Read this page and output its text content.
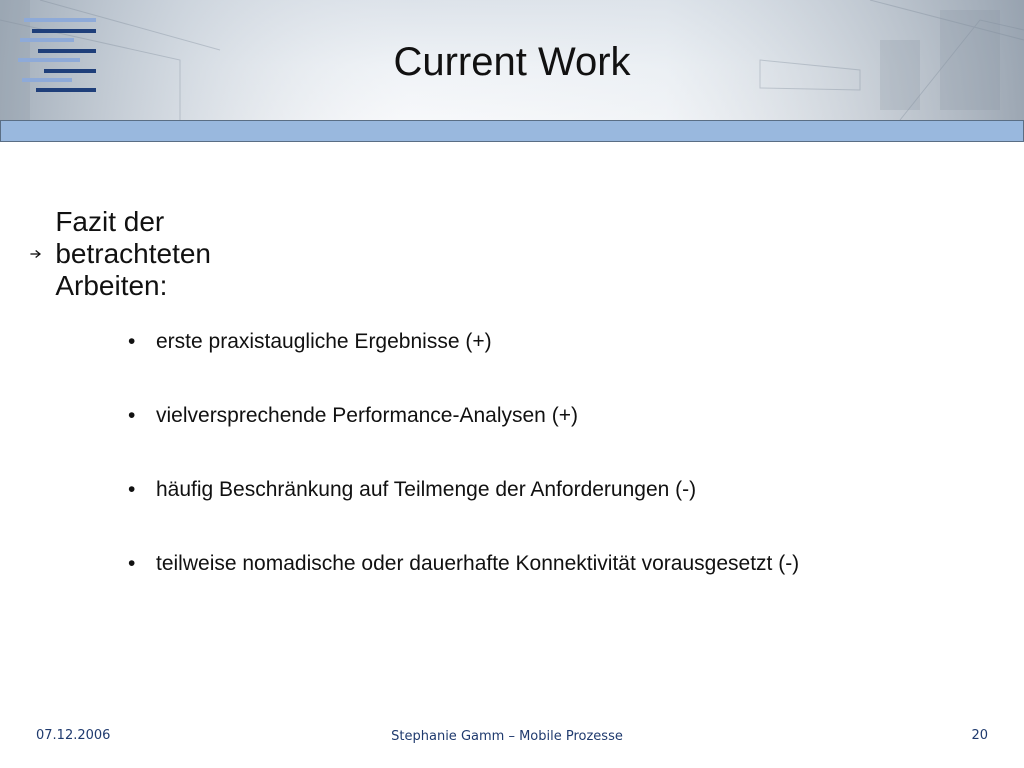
Current Work
Fazit der betrachteten Arbeiten:
• erste praxistaugliche Ergebnisse (+)
• vielversprechende Performance-Analysen (+)
• häufig Beschränkung auf Teilmenge der Anforderungen (-)
• teilweise nomadische oder dauerhafte Konnektivität vorausgesetzt (-)
07.12.2006	Stephanie Gamm – Mobile Prozesse	20
